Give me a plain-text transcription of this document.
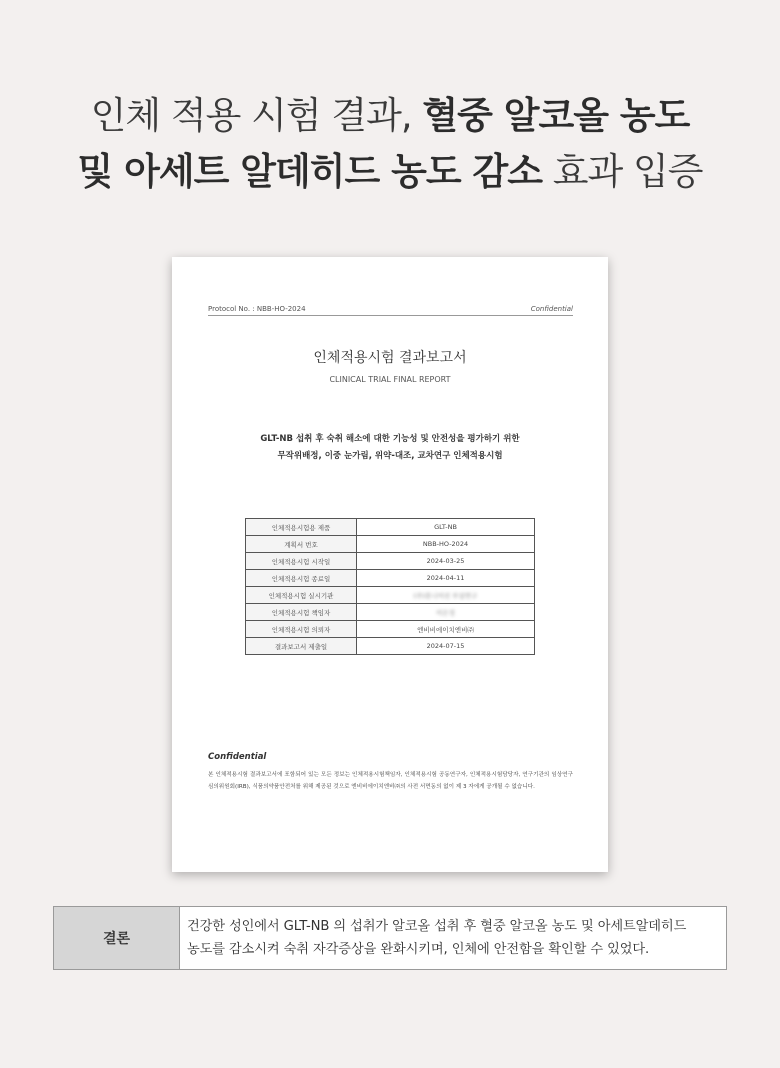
인체 적용 시험 결과, 혈중 알코올 농도
및 아세트 알데히드 농도 감소 효과 입증
Protocol No. : NBB-HO-2024	Confidential
인체적용시험 결과보고서
CLINICAL TRIAL FINAL REPORT
GLT-NB 섭취 후 숙취 해소에 대한 기능성 및 안전성을 평가하기 위한
무작위배정, 이중 눈가림, 위약-대조, 교차연구 인체적용시험
인체적용시험용 제품	GLT-NB
계획서 번호	NBB-HO-2024
인체적용시험 시작일	2024-03-25
인체적용시험 종료일	2024-04-11
인체적용시험 실시기관	(주)휴니어진 부설연구
인체적용시험 책임자	이은정
인체적용시험 의뢰자	엔비비에이치엔비㈜
결과보고서 제출일	2024-07-15
Confidential
본 인체적용시험 결과보고서에 포함되어 있는 모든 정보는 인체적용시험책임자, 인체적용시험 공동연구자, 인체적용시험담당자, 연구기관의 임상연구심의위원회(IRB), 식품의약품안전처를 위해 제공된 것으로 엔비비에이치엔비㈜의 사전 서면동의 없이 제 3 자에게 공개될 수 없습니다.
결론
건강한 성인에서 GLT-NB 의 섭취가 알코올 섭취 후 혈중 알코올 농도 및 아세트알데히드
농도를 감소시켜 숙취 자각증상을 완화시키며, 인체에 안전함을 확인할 수 있었다.
